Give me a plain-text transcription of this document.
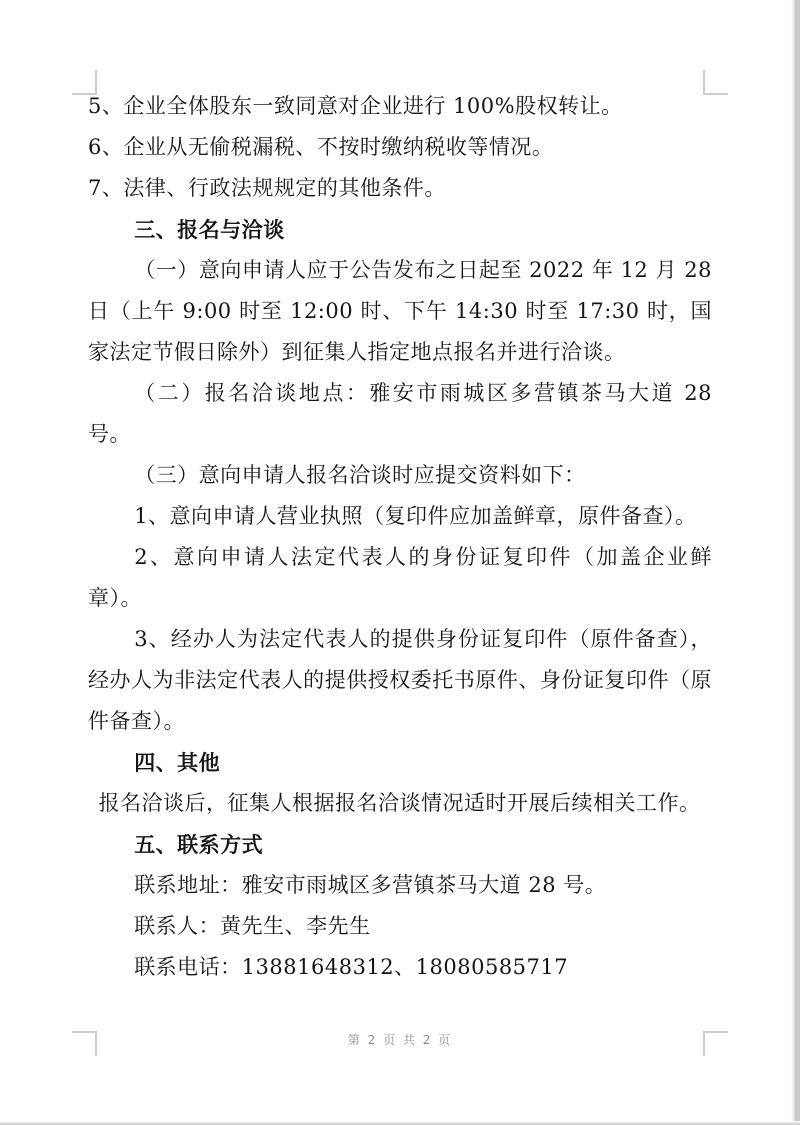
5、企业全体股东一致同意对企业进行 100%股权转让。

6、企业从无偷税漏税、不按时缴纳税收等情况。

7、法律、行政法规规定的其他条件。

三、报名与洽谈

（一）意向申请人应于公告发布之日起至 2022 年 12 月 28 日（上午 9:00 时至 12:00 时、下午 14:30 时至 17:30 时，国家法定节假日除外）到征集人指定地点报名并进行洽谈。

（二）报名洽谈地点：雅安市雨城区多营镇茶马大道 28 号。

（三）意向申请人报名洽谈时应提交资料如下：

1、意向申请人营业执照（复印件应加盖鲜章，原件备查）。

2、意向申请人法定代表人的身份证复印件（加盖企业鲜章）。

3、经办人为法定代表人的提供身份证复印件（原件备查），经办人为非法定代表人的提供授权委托书原件、身份证复印件（原件备查）。

四、其他

报名洽谈后，征集人根据报名洽谈情况适时开展后续相关工作。

五、联系方式

联系地址：雅安市雨城区多营镇茶马大道 28 号。

联系人：黄先生、李先生

联系电话：13881648312、18080585717

第 2 页 共 2 页
